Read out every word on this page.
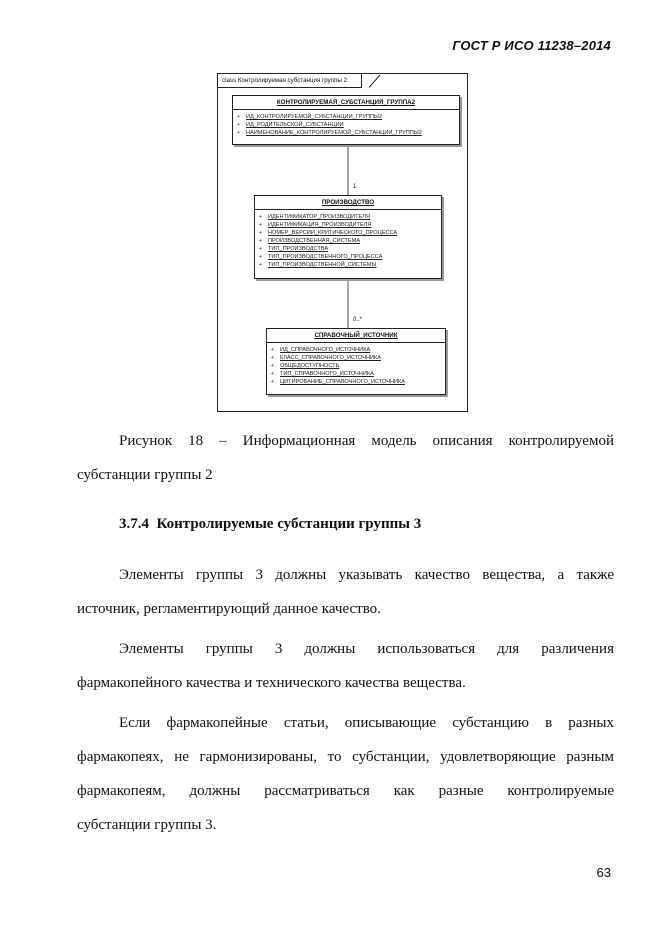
ГОСТ Р ИСО 11238–2014
class Контролируемая субстанция группы 2
1
0..*
КОНТРОЛИРУЕМАЯ_СУБСТАНЦИЯ_ГРУППА2
+ ИД_КОНТРОЛИРУЕМОЙ_СУБСТАНЦИИ_ГРУППЫ2
+ ИД_РОДИТЕЛЬСКОЙ_СУБСТАНЦИИ
+ НАИМЕНОВАНИЕ_КОНТРОЛИРУЕМОЙ_СУБСТАНЦИИ_ГРУППЫ2
ПРОИЗВОДСТВО
+ ИДЕНТИФИКАТОР_ПРОИЗВОДИТЕЛЯ
+ ИДЕНТИФИКАЦИЯ_ПРОИЗВОДИТЕЛЯ
+ НОМЕР_ВЕРСИИ_КРИТИЧЕСКОГО_ПРОЦЕССА
+ ПРОИЗВОДСТВЕННАЯ_СИСТЕМА
+ ТИП_ПРОИЗВОДСТВА
+ ТИП_ПРОИЗВОДСТВЕННОГО_ПРОЦЕССА
+ ТИП_ПРОИЗВОДСТВЕННОЙ_СИСТЕМЫ
СПРАВОЧНЫЙ_ИСТОЧНИК
+ ИД_СПРАВОЧНОГО_ИСТОЧНИКА
+ КЛАСС_СПРАВОЧНОГО_ИСТОЧНИКА
+ ОБЩЕДОСТУПНОСТЬ
+ ТИП_СПРАВОЧНОГО_ИСТОЧНИКА
+ ЦИТИРОВАНИЕ_СПРАВОЧНОГО_ИСТОЧНИКА
Рисунок 18 – Информационная модель описания контролируемой
субстанции группы 2
3.7.4 Контролируемые субстанции группы 3
Элементы группы 3 должны указывать качество вещества, а также
источник, регламентирующий данное качество.
Элементы группы 3 должны использоваться для различения
фармакопейного качества и технического качества вещества.
Если фармакопейные статьи, описывающие субстанцию в разных
фармакопеях, не гармонизированы, то субстанции, удовлетворяющие разным
фармакопеям, должны рассматриваться как разные контролируемые
субстанции группы 3.
63
